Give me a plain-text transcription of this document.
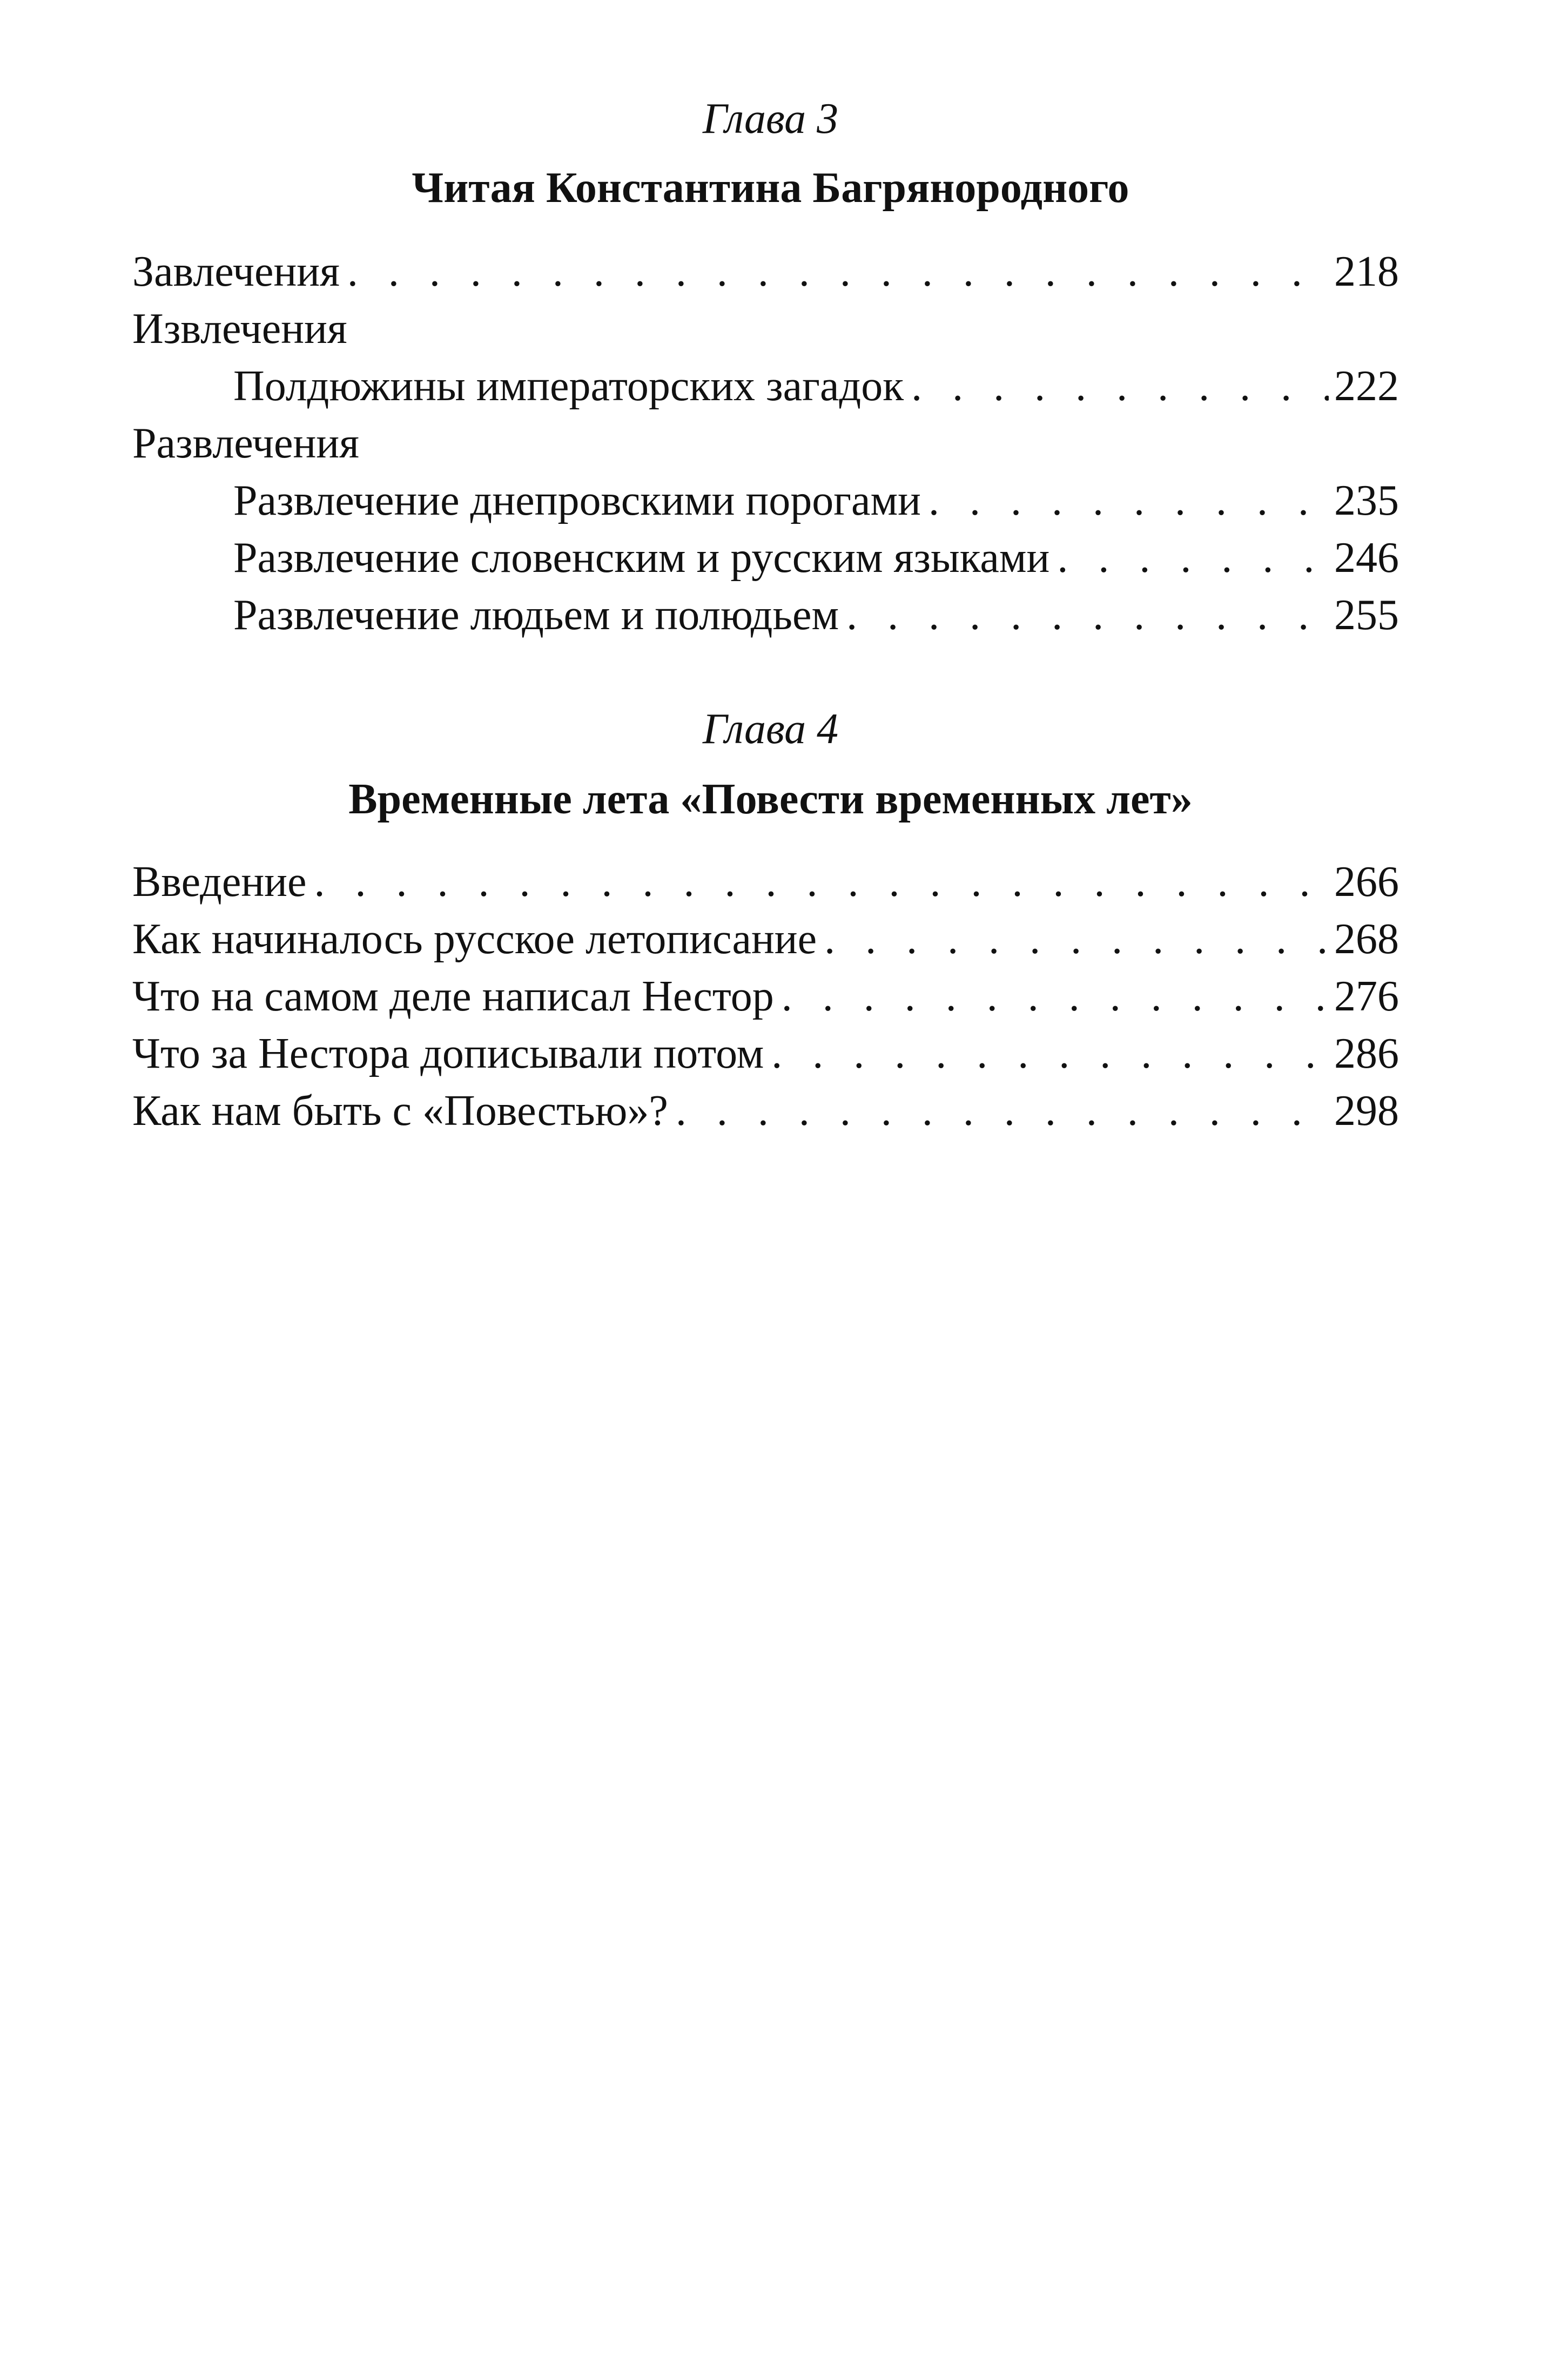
Глава 3
Читая Константина Багрянородного
Завлечения . . .	218
Извлечения
Полдюжины императорских загадок . . .	222
Развлечения
Развлечение днепровскими порогами . . .	235
Развлечение словенским и русским языками . . .	246
Развлечение людьем и полюдьем . . .	255
Глава 4
Временные лета «Повести временных лет»
Введение . . .	266
Как начиналось русское летописание . . .	268
Что на самом деле написал Нестор . . .	276
Что за Нестора дописывали потом . . .	286
Как нам быть с «Повестью»? . . .	298
